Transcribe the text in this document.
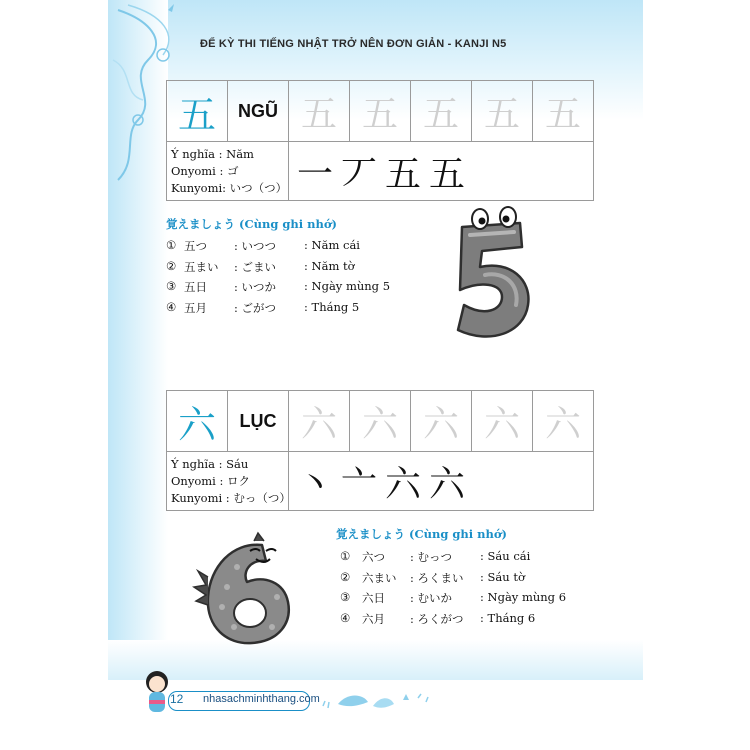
ĐỂ KỲ THI TIẾNG NHẬT TRỞ NÊN ĐƠN GIẢN - KANJI N5
五	NGŨ	五	五	五	五	五

Ý nghĩa : Năm
Onyomi : ゴ
Kunyomi: いつ（つ）		一丆五五				
覚えましょう (Cùng ghi nhớ)
① 五つ : いつつ : Năm cái
② 五まい : ごまい : Năm tờ
③ 五日 : いつか : Ngày mùng 5
④ 五月 : ごがつ : Tháng 5
六	LỤC	六	六	六	六	六

Ý nghĩa : Sáu
Onyomi : ロク
Kunyomi : むっ（つ）		丶亠六六				
覚えましょう (Cùng ghi nhớ)
① 六つ : むっつ : Sáu cái
② 六まい : ろくまい : Sáu tờ
③ 六日 : むいか : Ngày mùng 6
④ 六月 : ろくがつ : Tháng 6
12 nhasachminhthang.com
